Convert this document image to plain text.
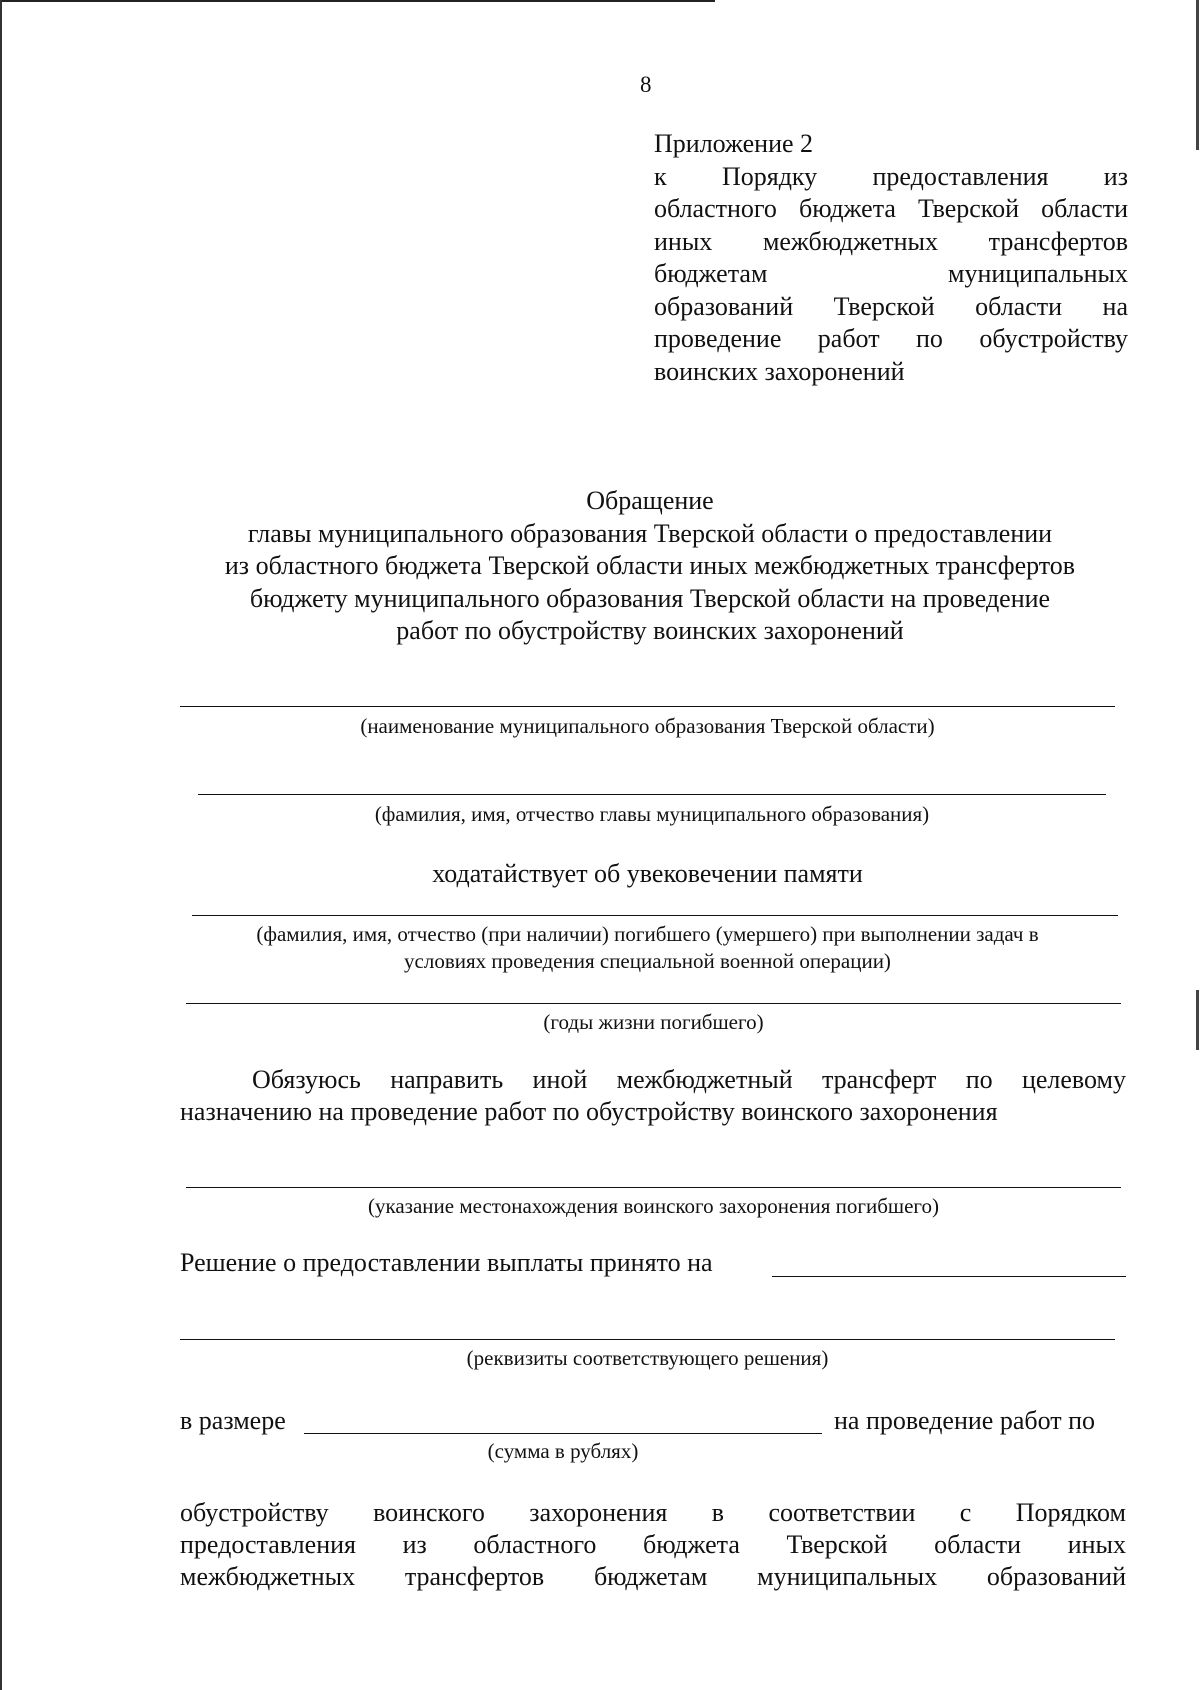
8
Приложение 2
к Порядку предоставления из
областного бюджета Тверской области
иных межбюджетных трансфертов
бюджетам муниципальных
образований Тверской области на
проведение работ по обустройству
воинских захоронений
Обращение
главы муниципального образования Тверской области о предоставлении
из областного бюджета Тверской области иных межбюджетных трансфертов
бюджету муниципального образования Тверской области на проведение
работ по обустройству воинских захоронений
(наименование муниципального образования Тверской области)
(фамилия, имя, отчество главы муниципального образования)
ходатайствует об увековечении памяти
(фамилия, имя, отчество (при наличии) погибшего (умершего) при выполнении задач в
условиях проведения специальной военной операции)
(годы жизни погибшего)
Обязуюсь направить иной межбюджетный трансферт по целевому
назначению на проведение работ по обустройству воинского захоронения
(указание местонахождения воинского захоронения погибшего)
Решение о предоставлении выплаты принято на
(реквизиты соответствующего решения)
в размере	на проведение работ по
(сумма в рублях)
обустройству воинского захоронения в соответствии с Порядком
предоставления из областного бюджета Тверской области иных
межбюджетных трансфертов бюджетам муниципальных образований
